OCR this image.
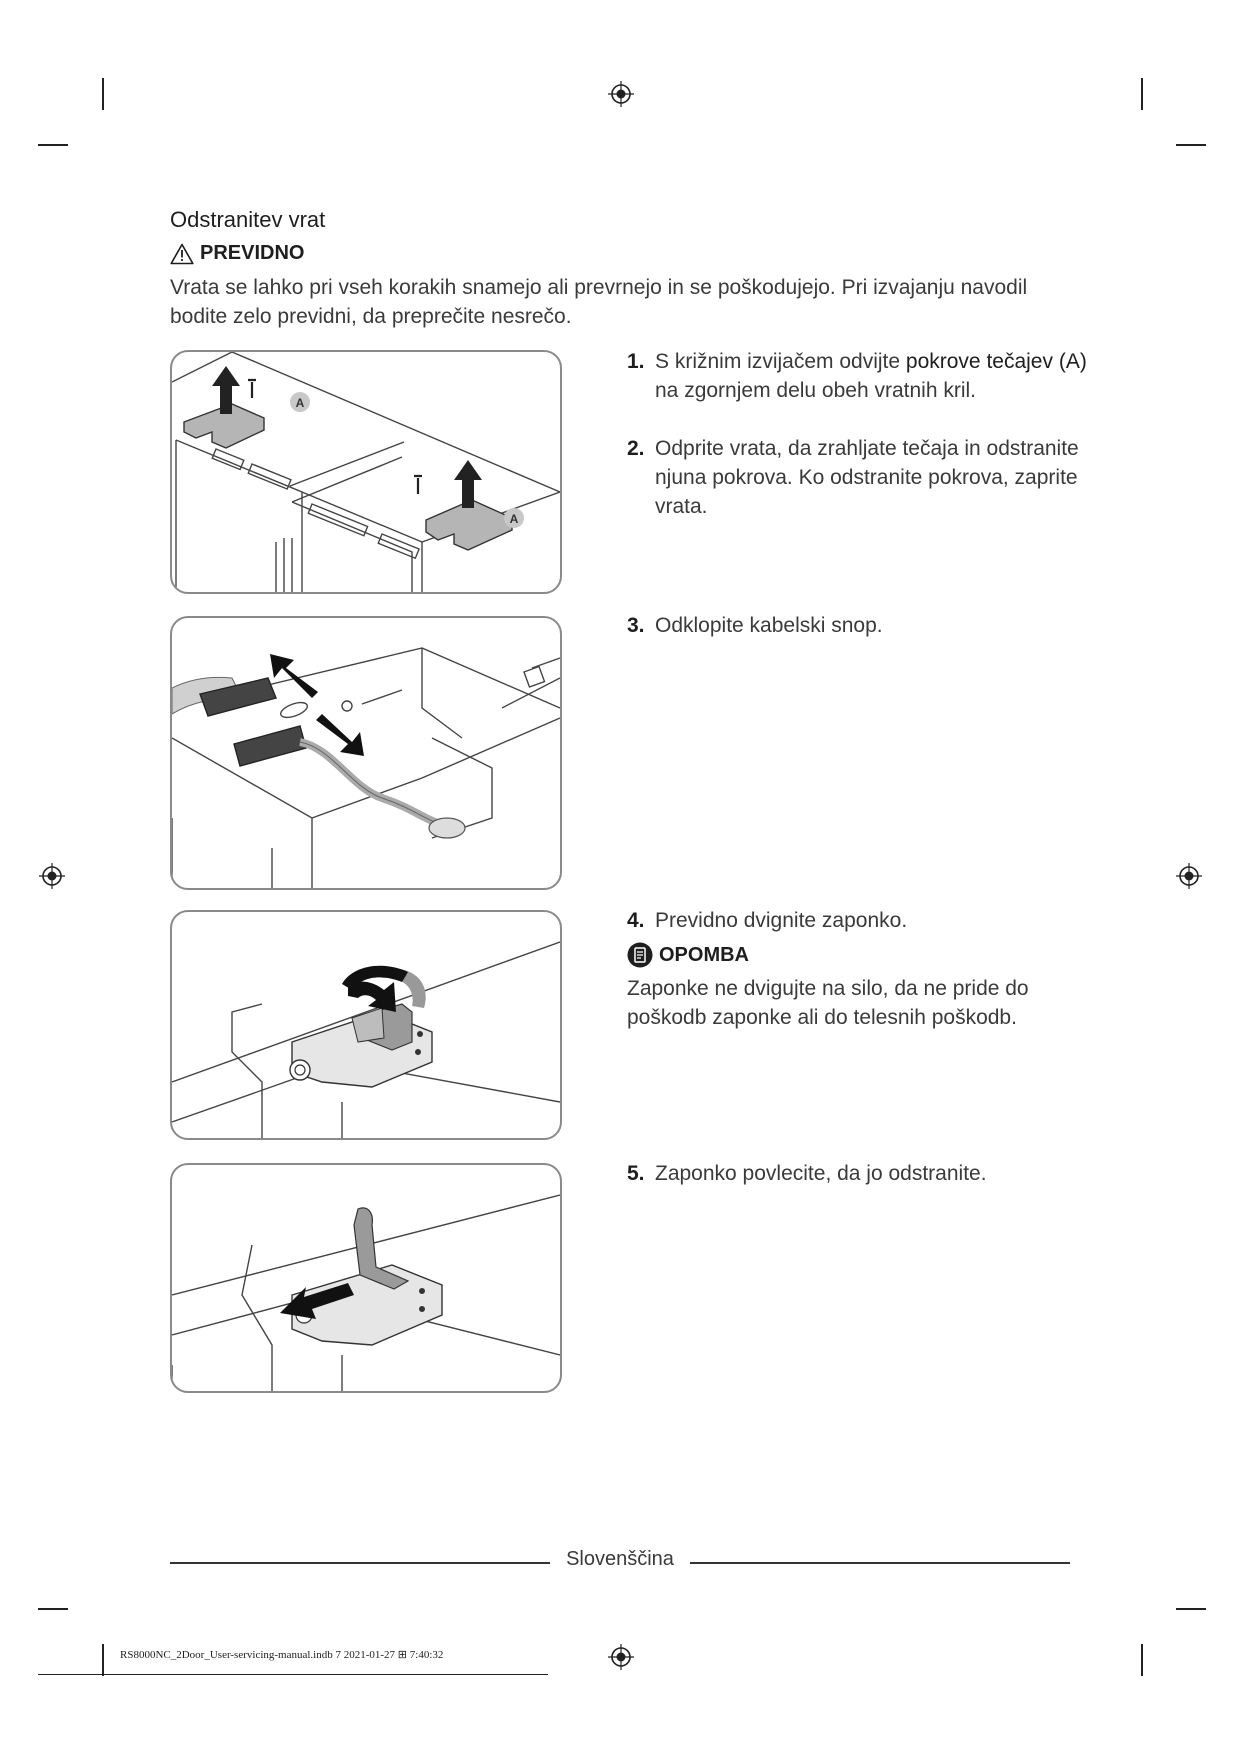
Odstranitev vrat
PREVIDNO
Vrata se lahko pri vseh korakih snamejo ali prevrnejo in se poškodujejo. Pri izvajanju navodil bodite zelo previdni, da preprečite nesrečo.
A
A
1. S križnim izvijačem odvijte pokrove tečajev (A) na zgornjem delu obeh vratnih kril.
2. Odprite vrata, da zrahljate tečaja in odstranite njuna pokrova. Ko odstranite pokrova, zaprite vrata.
3. Odklopite kabelski snop.
4. Previdno dvignite zaponko.
OPOMBA
Zaponke ne dvigujte na silo, da ne pride do poškodb zaponke ali do telesnih poškodb.
5. Zaponko povlecite, da jo odstranite.
Slovenščina
RS8000NC_2Door_User-servicing-manual.indb 7 2021-01-27 ⊞ 7:40:32
